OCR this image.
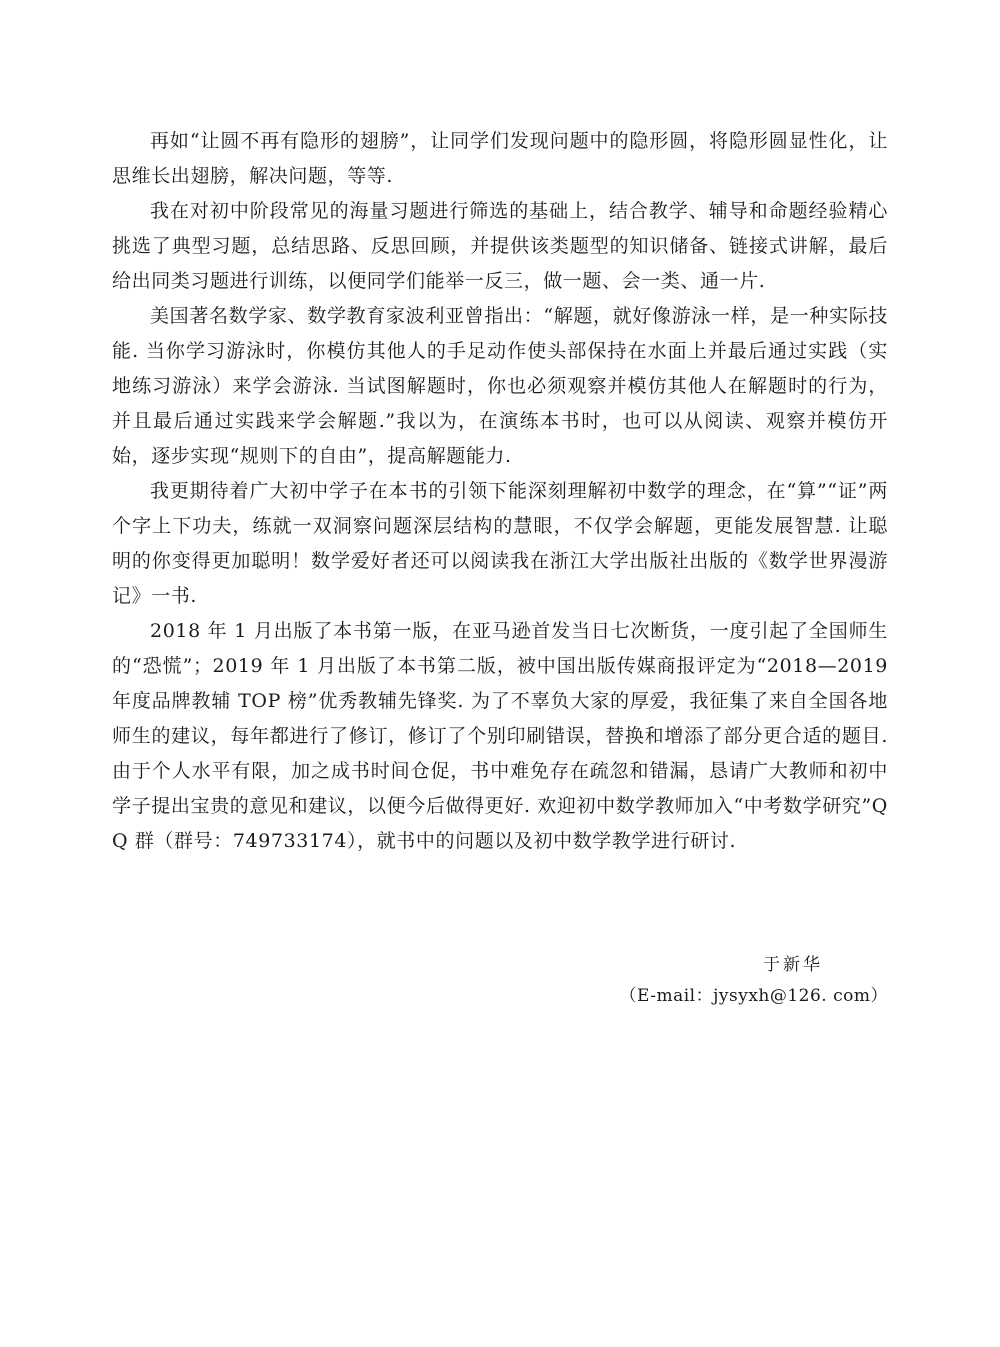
再如“让圆不再有隐形的翅膀”，让同学们发现问题中的隐形圆，将隐形圆显性化，让思维长出翅膀，解决问题，等等.

我在对初中阶段常见的海量习题进行筛选的基础上，结合教学、辅导和命题经验精心挑选了典型习题，总结思路、反思回顾，并提供该类题型的知识储备、链接式讲解，最后给出同类习题进行训练，以便同学们能举一反三，做一题、会一类、通一片.

美国著名数学家、数学教育家波利亚曾指出：“解题，就好像游泳一样，是一种实际技能. 当你学习游泳时，你模仿其他人的手足动作使头部保持在水面上并最后通过实践（实地练习游泳）来学会游泳. 当试图解题时，你也必须观察并模仿其他人在解题时的行为，并且最后通过实践来学会解题.”我以为，在演练本书时，也可以从阅读、观察并模仿开始，逐步实现“规则下的自由”，提高解题能力.

我更期待着广大初中学子在本书的引领下能深刻理解初中数学的理念，在“算”“证”两个字上下功夫，练就一双洞察问题深层结构的慧眼，不仅学会解题，更能发展智慧. 让聪明的你变得更加聪明！数学爱好者还可以阅读我在浙江大学出版社出版的《数学世界漫游记》一书.

2018 年 1 月出版了本书第一版，在亚马逊首发当日七次断货，一度引起了全国师生的“恐慌”；2019 年 1 月出版了本书第二版，被中国出版传媒商报评定为“2018—2019 年度品牌教辅 TOP 榜”优秀教辅先锋奖. 为了不辜负大家的厚爱，我征集了来自全国各地师生的建议，每年都进行了修订，修订了个别印刷错误，替换和增添了部分更合适的题目. 由于个人水平有限，加之成书时间仓促，书中难免存在疏忽和错漏，恳请广大教师和初中学子提出宝贵的意见和建议，以便今后做得更好. 欢迎初中数学教师加入“中考数学研究”QQ 群（群号：749733174），就书中的问题以及初中数学教学进行研讨.

于新华
（E-mail：jysyxh@126. com）
